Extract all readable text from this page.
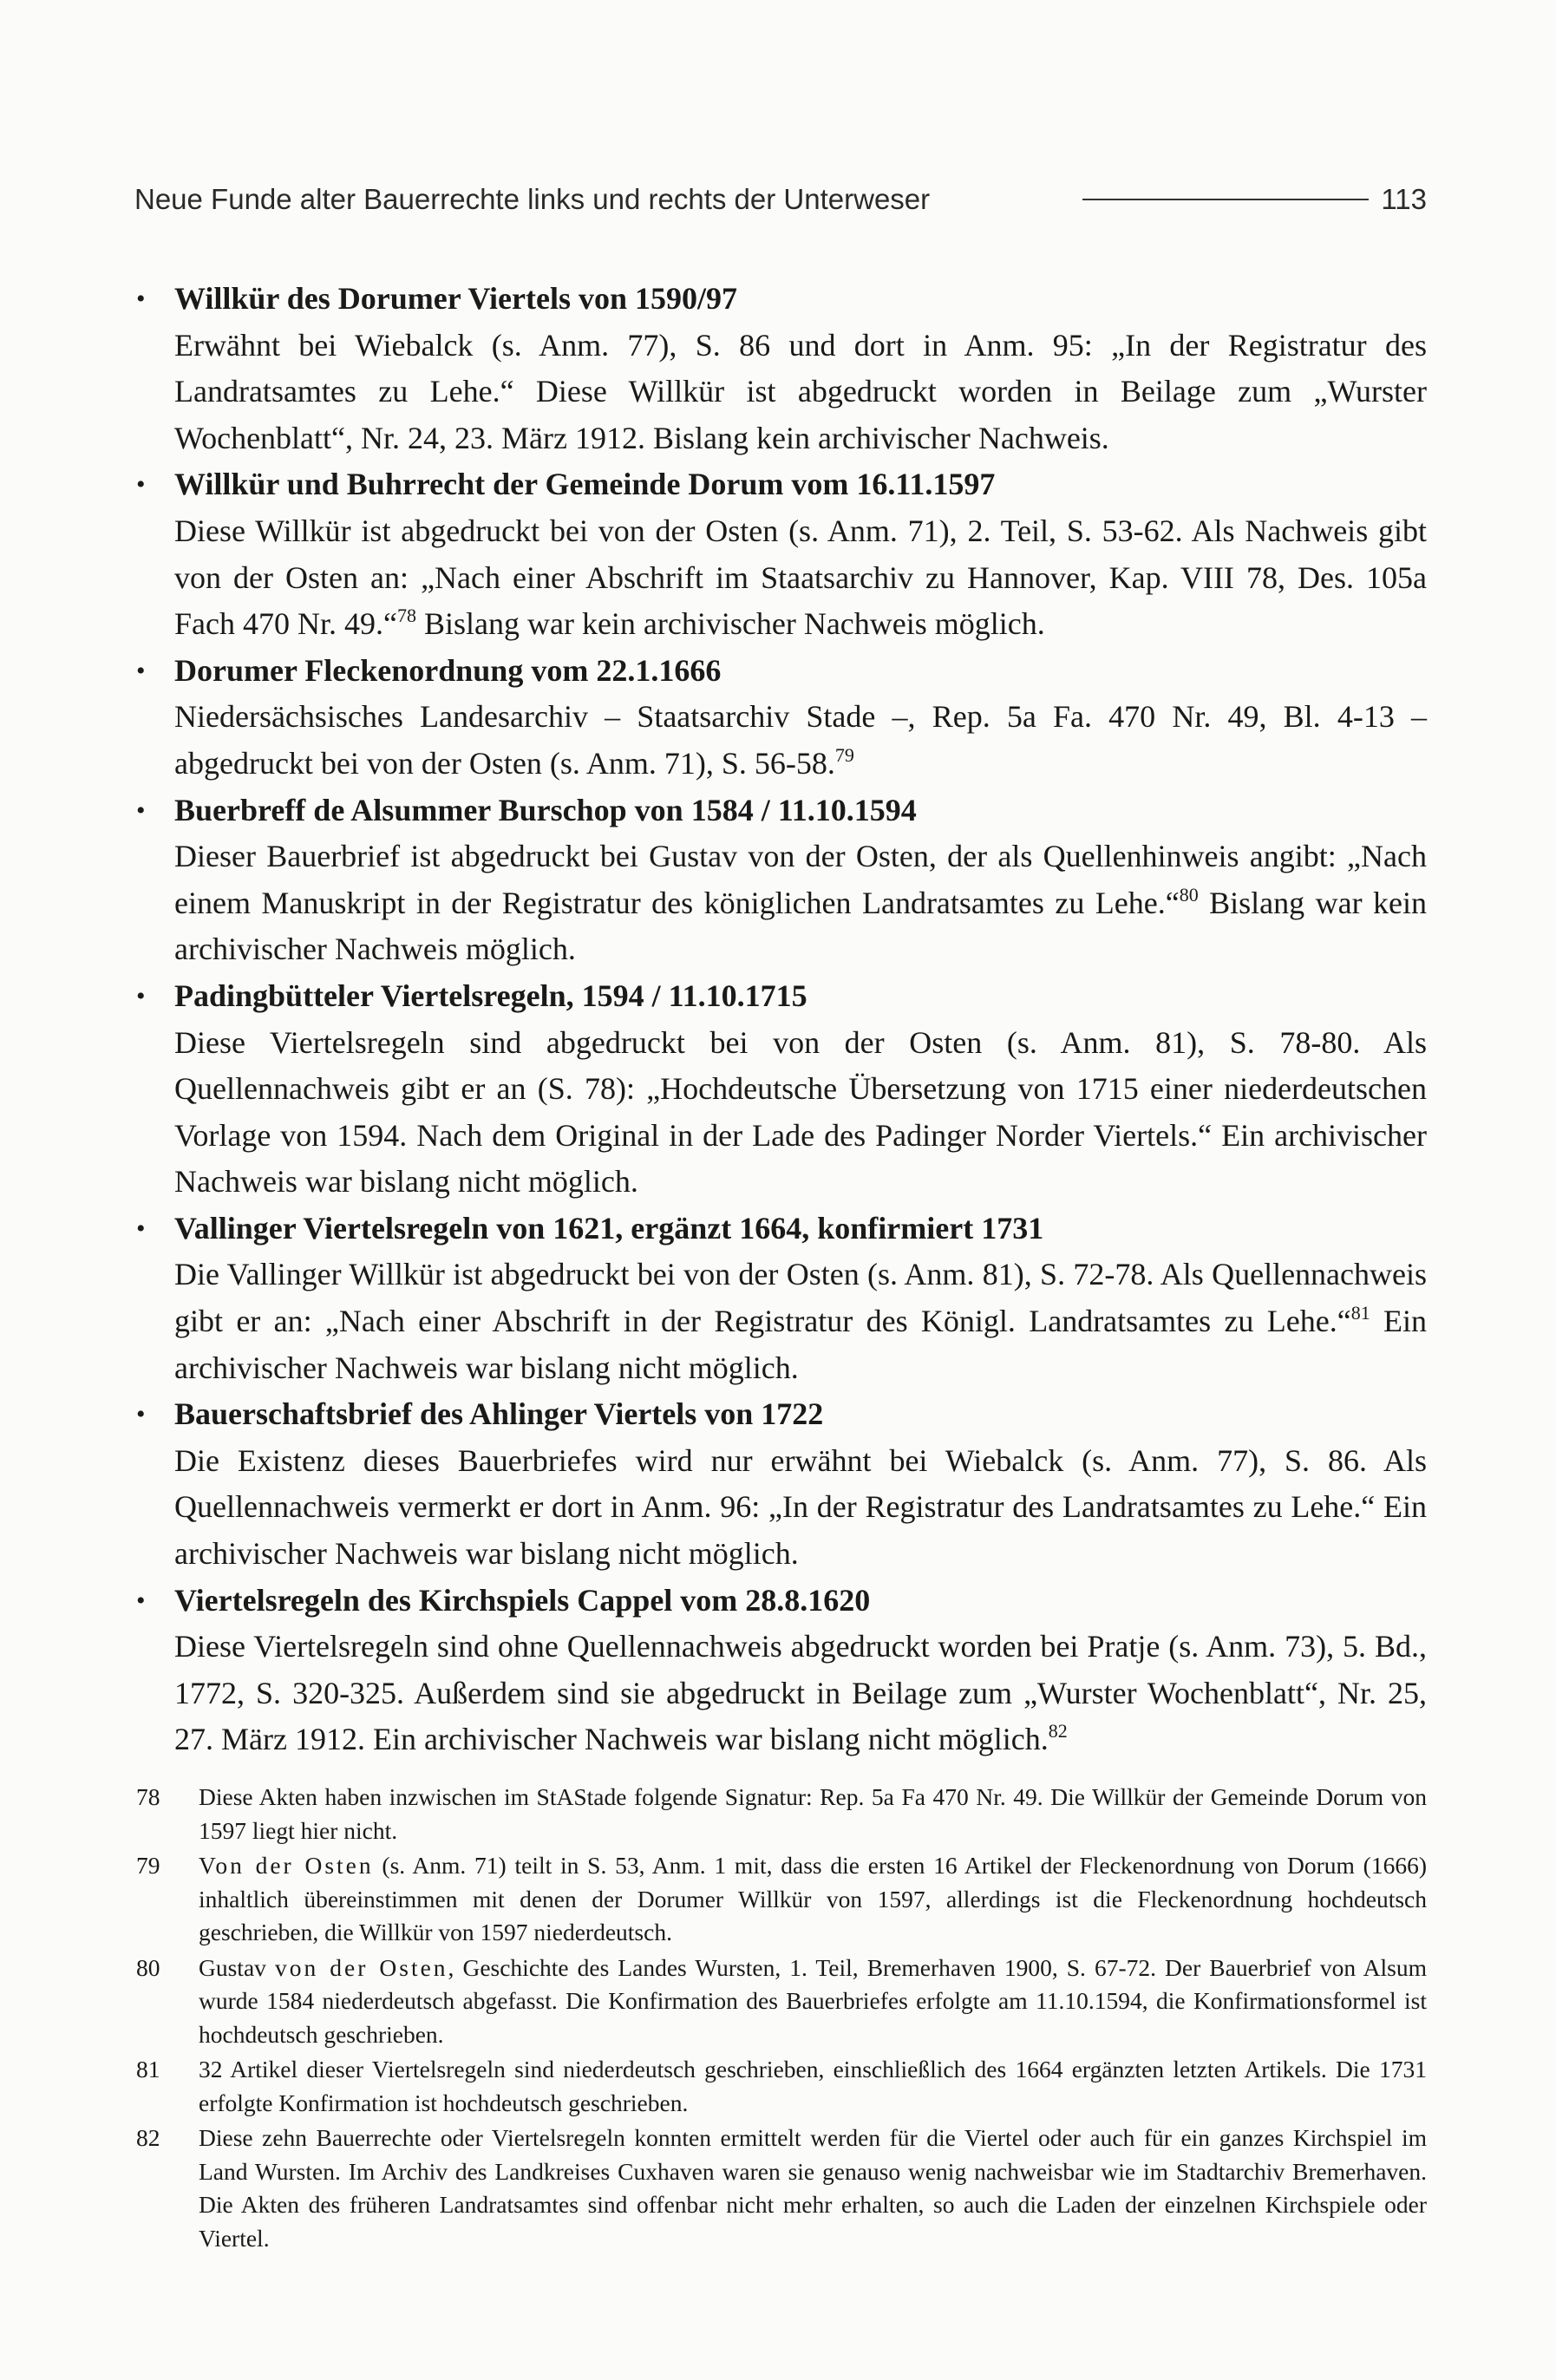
Neue Funde alter Bauerrechte links und rechts der Unterweser	113
• Willkür des Dorumer Viertels von 1590/97
Erwähnt bei Wiebalck (s. Anm. 77), S. 86 und dort in Anm. 95: „In der Registratur des Landratsamtes zu Lehe.“ Diese Willkür ist abgedruckt worden in Beilage zum „Wurster Wochenblatt“, Nr. 24, 23. März 1912. Bislang kein archivischer Nachweis.
• Willkür und Buhrrecht der Gemeinde Dorum vom 16.11.1597
Diese Willkür ist abgedruckt bei von der Osten (s. Anm. 71), 2. Teil, S. 53-62. Als Nachweis gibt von der Osten an: „Nach einer Abschrift im Staatsarchiv zu Hannover, Kap. VIII 78, Des. 105a Fach 470 Nr. 49.“$^{78}$ Bislang war kein archivischer Nachweis möglich.
• Dorumer Fleckenordnung vom 22.1.1666
Niedersächsisches Landesarchiv – Staatsarchiv Stade –, Rep. 5a Fa. 470 Nr. 49, Bl. 4-13 – abgedruckt bei von der Osten (s. Anm. 71), S. 56-58.79
• Buerbreff de Alsummer Burschop von 1584 / 11.10.1594
Dieser Bauerbrief ist abgedruckt bei Gustav von der Osten, der als Quellenhinweis angibt: „Nach einem Manuskript in der Registratur des königlichen Landratsamtes zu Lehe.“$^{80}$ Bislang war kein archivischer Nachweis möglich.
• Padingbütteler Viertelsregeln, 1594 / 11.10.1715
Diese Viertelsregeln sind abgedruckt bei von der Osten (s. Anm. 81), S. 78-80. Als Quellennachweis gibt er an (S. 78): „Hochdeutsche Übersetzung von 1715 einer niederdeutschen Vorlage von 1594. Nach dem Original in der Lade des Padinger Norder Viertels.“ Ein archivischer Nachweis war bislang nicht möglich.
• Vallinger Viertelsregeln von 1621, ergänzt 1664, konfirmiert 1731
Die Vallinger Willkür ist abgedruckt bei von der Osten (s. Anm. 81), S. 72-78. Als Quellennachweis gibt er an: „Nach einer Abschrift in der Registratur des Königl. Landratsamtes zu Lehe.“$^{81}$ Ein archivischer Nachweis war bislang nicht möglich.
• Bauerschaftsbrief des Ahlinger Viertels von 1722
Die Existenz dieses Bauerbriefes wird nur erwähnt bei Wiebalck (s. Anm. 77), S. 86. Als Quellennachweis vermerkt er dort in Anm. 96: „In der Registratur des Landratsamtes zu Lehe.“ Ein archivischer Nachweis war bislang nicht möglich.
• Viertelsregeln des Kirchspiels Cappel vom 28.8.1620
Diese Viertelsregeln sind ohne Quellennachweis abgedruckt worden bei Pratje (s. Anm. 73), 5. Bd., 1772, S. 320-325. Außerdem sind sie abgedruckt in Beilage zum „Wurster Wochenblatt“, Nr. 25, 27. März 1912. Ein archivischer Nachweis war bislang nicht möglich.$^{82}$
78	Diese Akten haben inzwischen im StAStade folgende Signatur: Rep. 5a Fa 470 Nr. 49. Die Willkür der Gemeinde Dorum von 1597 liegt hier nicht.
79	Von der Osten (s. Anm. 71) teilt in S. 53, Anm. 1 mit, dass die ersten 16 Artikel der Fleckenordnung von Dorum (1666) inhaltlich übereinstimmen mit denen der Dorumer Willkür von 1597, allerdings ist die Fleckenordnung hochdeutsch geschrieben, die Willkür von 1597 niederdeutsch.
80	Gustav von der Osten, Geschichte des Landes Wursten, 1. Teil, Bremerhaven 1900, S. 67-72. Der Bauerbrief von Alsum wurde 1584 niederdeutsch abgefasst. Die Konfirmation des Bauerbriefes erfolgte am 11.10.1594, die Konfirmationsformel ist hochdeutsch geschrieben.
81	32 Artikel dieser Viertelsregeln sind niederdeutsch geschrieben, einschließlich des 1664 ergänzten letzten Artikels. Die 1731 erfolgte Konfirmation ist hochdeutsch geschrieben.
82	Diese zehn Bauerrechte oder Viertelsregeln konnten ermittelt werden für die Viertel oder auch für ein ganzes Kirchspiel im Land Wursten. Im Archiv des Landkreises Cuxhaven waren sie genauso wenig nachweisbar wie im Stadtarchiv Bremerhaven. Die Akten des früheren Landratsamtes sind offenbar nicht mehr erhalten, so auch die Laden der einzelnen Kirchspiele oder Viertel.
